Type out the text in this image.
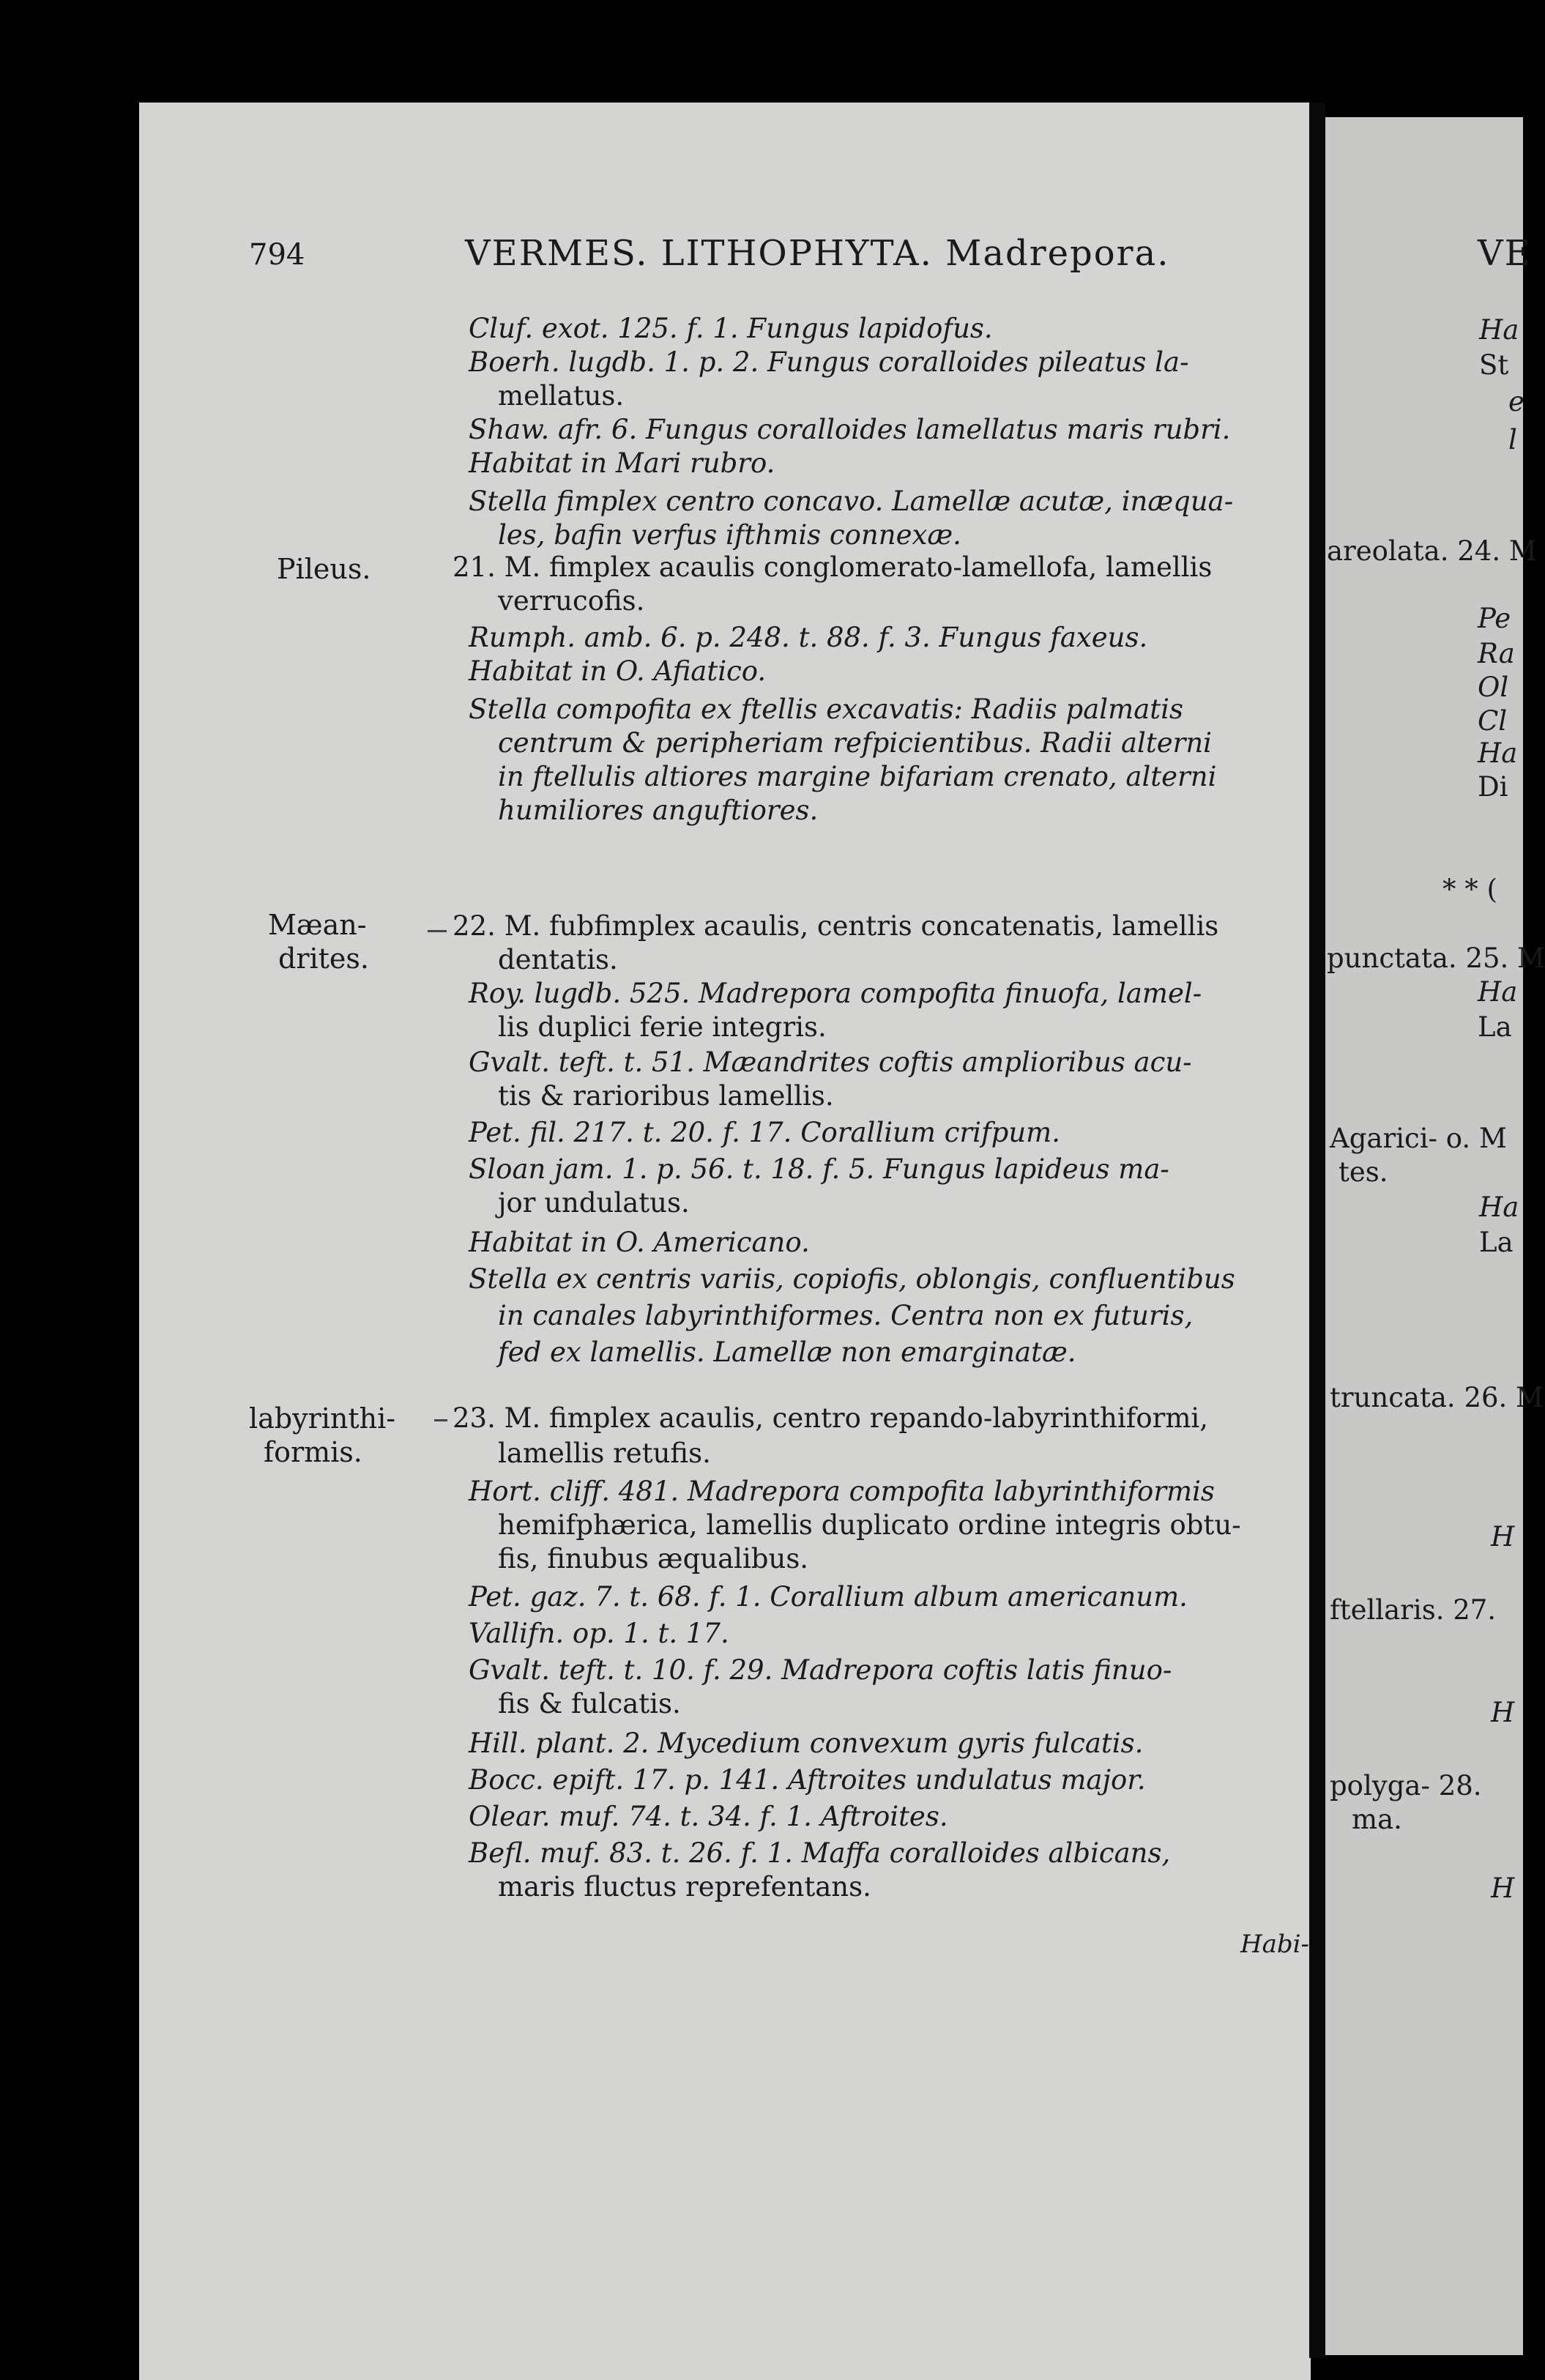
794	VERMES. LITHOPHYTA. Madrepora.	VE
Pileus.
Mæan-
drites.
labyrinthi-
formis.
Cluf. exot. 125. f. 1. Fungus lapidofus.
Boerh. lugdb. 1. p. 2. Fungus coralloides pileatus la-
mellatus.
Shaw. afr. 6. Fungus coralloides lamellatus maris rubri.
Habitat in Mari rubro.
Stella fimplex centro concavo. Lamellæ acutæ, inæqua-
les, bafin verfus ifthmis connexæ.
21. M. fimplex acaulis conglomerato-lamellofa, lamellis
verrucofis.
Rumph. amb. 6. p. 248. t. 88. f. 3. Fungus faxeus.
Habitat in O. Afiatico.
Stella compofita ex ftellis excavatis: Radiis palmatis
centrum & peripheriam refpicientibus. Radii alterni
in ftellulis altiores margine bifariam crenato, alterni
humiliores anguftiores.
22. M. fubfimplex acaulis, centris concatenatis, lamellis
dentatis.
Roy. lugdb. 525. Madrepora compofita finuofa, lamel-
lis duplici ferie integris.
Gvalt. teft. t. 51. Mæandrites coftis amplioribus acu-
tis & rarioribus lamellis.
Pet. fil. 217. t. 20. f. 17. Corallium crifpum.
Sloan jam. 1. p. 56. t. 18. f. 5. Fungus lapideus ma-
jor undulatus.
Habitat in O. Americano.
Stella ex centris variis, copiofis, oblongis, confluentibus
in canales labyrinthiformes. Centra non ex futuris,
fed ex lamellis. Lamellæ non emarginatæ.
23. M. fimplex acaulis, centro repando-labyrinthiformi,
lamellis retufis.
Hort. cliff. 481. Madrepora compofita labyrinthiformis
hemifphærica, lamellis duplicato ordine integris obtu-
fis, finubus æqualibus.
Pet. gaz. 7. t. 68. f. 1. Corallium album americanum.
Vallifn. op. 1. t. 17.
Gvalt. teft. t. 10. f. 29. Madrepora coftis latis finuo-
fis & fulcatis.
Hill. plant. 2. Mycedium convexum gyris fulcatis.
Bocc. epift. 17. p. 141. Aftroites undulatus major.
Olear. muf. 74. t. 34. f. 1. Aftroites.
Befl. muf. 83. t. 26. f. 1. Maffa coralloides albicans,
maris fluctus reprefentans.
Habi-
Ha
St
e
l
areolata. 24. M
Pe
Ra
Ol
Cl
Ha
Di
* * (
punctata. 25. M
Ha
La
Agarici- o. M
tes.
Ha
La
truncata. 26. M
H
ftellaris. 27.
H
polyga- 28.
ma.
H
